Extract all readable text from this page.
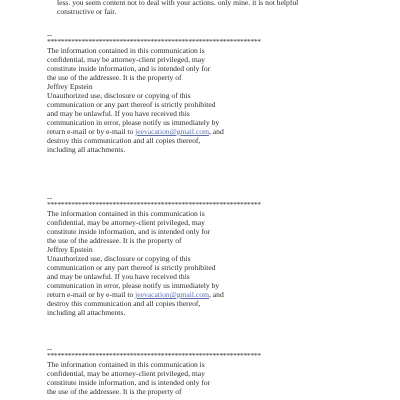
less. you seem content not to deal with your actions. only mine. it is not helpful
constructive or fair.
--
**************************************************************
The information contained in this communication is
confidential, may be attorney-client privileged, may
constitute inside information, and is intended only for
the use of the addressee. It is the property of
Jeffrey Epstein
Unauthorized use, disclosure or copying of this
communication or any part thereof is strictly prohibited
and may be unlawful. If you have received this
communication in error, please notify us immediately by
return e-mail or by e-mail to jeevacation@gmail.com, and
destroy this communication and all copies thereof,
including all attachments.
--
**************************************************************
The information contained in this communication is
confidential, may be attorney-client privileged, may
constitute inside information, and is intended only for
the use of the addressee. It is the property of
Jeffrey Epstein
Unauthorized use, disclosure or copying of this
communication or any part thereof is strictly prohibited
and may be unlawful. If you have received this
communication in error, please notify us immediately by
return e-mail or by e-mail to jeevacation@gmail.com, and
destroy this communication and all copies thereof,
including all attachments.
--
**************************************************************
The information contained in this communication is
confidential, may be attorney-client privileged, may
constitute inside information, and is intended only for
the use of the addressee. It is the property of
